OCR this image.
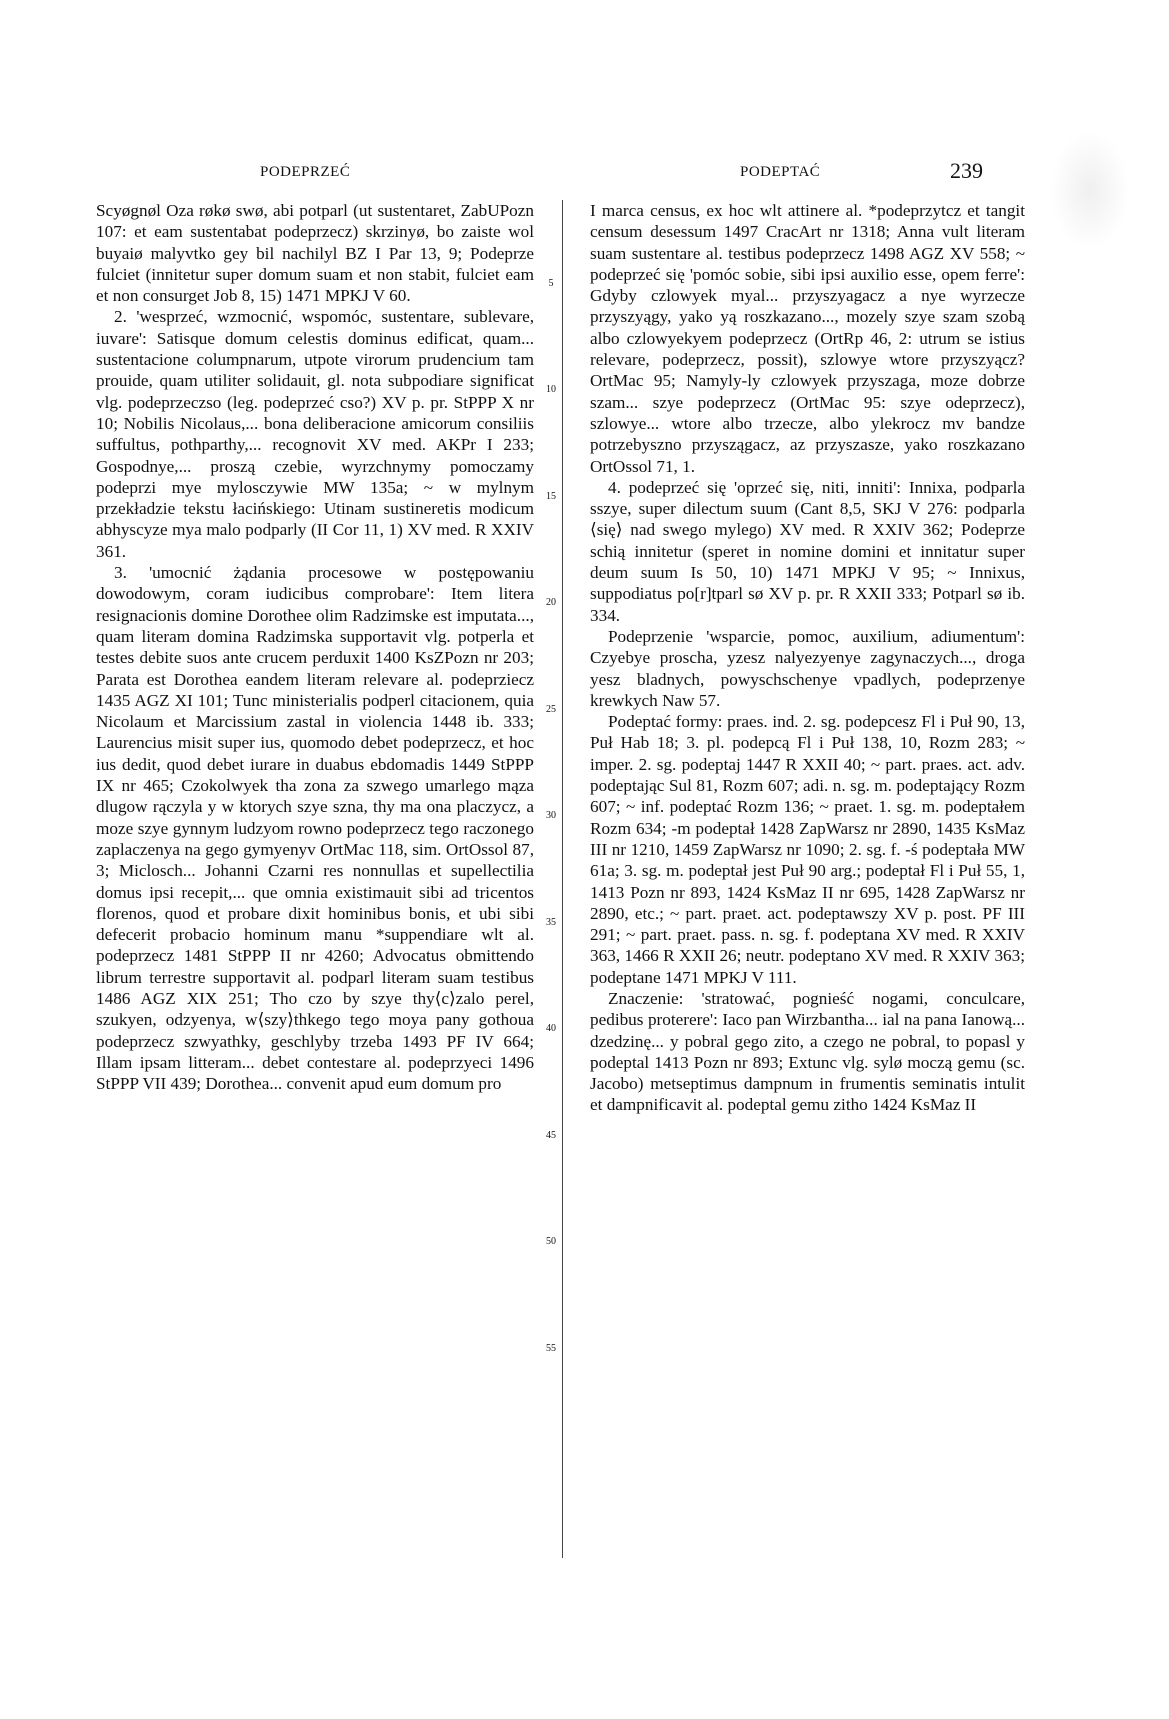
PODEPRZEĆ	PODEPTAĆ	239

Scyøgnøl Oza røkø swø, abi potparl (ut sustentaret, ZabUPozn 107: et eam sustentabat podeprzecz) skrzinyø, bo zaiste wol buyaiø malyvtko gey bil nachilyl BZ I Par 13, 9; Podeprze fulciet (innitetur super domum suam et non stabit, fulciet eam et non consurget Job 8, 15) 1471 MPKJ V 60.

2. 'wesprzeć, wzmocnić, wspomóc, sustentare, sublevare, iuvare': Satisque domum celestis dominus edificat, quam... sustentacione columpnarum, utpote virorum prudencium tam prouide, quam utiliter solidauit, gl. nota subpodiare significat vlg. podeprzeczso (leg. podeprzeć cso?) XV p. pr. StPPP X nr 10; Nobilis Nicolaus,... bona deliberacione amicorum consiliis suffultus, pothparthy,... recognovit XV med. AKPr I 233; Gospodnye,... proszą czebie, wyrzchnymy pomoczamy podeprzi mye mylosczywie MW 135a; ~ w mylnym przekładzie tekstu łacińskiego: Utinam sustineretis modicum abhyscyze mya malo podparly (II Cor 11, 1) XV med. R XXIV 361.

3. 'umocnić żądania procesowe w postępowaniu dowodowym, coram iudicibus comprobare': Item litera resignacionis domine Dorothee olim Radzimske est imputata..., quam literam domina Radzimska supportavit vlg. potperla et testes debite suos ante crucem perduxit 1400 KsZPozn nr 203; Parata est Dorothea eandem literam relevare al. podeprziecz 1435 AGZ XI 101; Tunc ministerialis podperl citacionem, quia Nicolaum et Marcissium zastal in violencia 1448 ib. 333; Laurencius misit super ius, quomodo debet podeprzecz, et hoc ius dedit, quod debet iurare in duabus ebdomadis 1449 StPPP IX nr 465; Czokolwyek tha zona za szwego umarlego mąza dlugow rączyla y w ktorych szye szna, thy ma ona placzycz, a moze szye gynnym ludzyom rowno podeprzecz tego raczonego zaplaczenya na gego gymyenyv OrtMac 118, sim. OrtOssol 87, 3; Miclosch... Johanni Czarni res nonnullas et supellectilia domus ipsi recepit,... que omnia existimauit sibi ad tricentos florenos, quod et probare dixit hominibus bonis, et ubi sibi defecerit probacio hominum manu *suppendiare wlt al. podeprzecz 1481 StPPP II nr 4260; Advocatus obmittendo librum terrestre supportavit al. podparl literam suam testibus 1486 AGZ XIX 251; Tho czo by szye thy⟨c⟩zalo perel, szukyen, odzyenya, w⟨szy⟩thkego tego moya pany gothoua podeprzecz szwyathky, geschlyby trzeba 1493 PF IV 664; Illam ipsam litteram... debet contestare al. podeprzyeci 1496 StPPP VII 439; Dorothea... convenit apud eum domum pro

5
10
15
20
25
30
35
40
45
50
55

I marca census, ex hoc wlt attinere al. *podeprzytcz et tangit censum desessum 1497 CracArt nr 1318; Anna vult literam suam sustentare al. testibus podeprzecz 1498 AGZ XV 558; ~ podeprzeć się 'pomóc sobie, sibi ipsi auxilio esse, opem ferre': Gdyby czlowyek myal... przyszyagacz a nye wyrzecze przyszyągy, yako yą roszkazano..., mozely szye szam szobą albo czlowyekyem podeprzecz (OrtRp 46, 2: utrum se istius relevare, podeprzecz, possit), szlowye wtore przyszyącz? OrtMac 95; Namyly-ly czlowyek przyszaga, moze dobrze szam... szye podeprzecz (OrtMac 95: szye odeprzecz), szlowye... wtore albo trzecze, albo ylekrocz mv bandze potrzebyszno przyszągacz, az przyszasze, yako roszkazano OrtOssol 71, 1.

4. podeprzeć się 'oprzeć się, niti, inniti': Innixa, podparla sszye, super dilectum suum (Cant 8,5, SKJ V 276: podparla ⟨się⟩ nad swego mylego) XV med. R XXIV 362; Podeprze schią innitetur (speret in nomine domini et innitatur super deum suum Is 50, 10) 1471 MPKJ V 95; ~ Innixus, suppodiatus po[r]tparl sø XV p. pr. R XXII 333; Potparl sø ib. 334.

Podeprzenie 'wsparcie, pomoc, auxilium, adiumentum': Czyebye proscha, yzesz nalyezyenye zagynaczych..., droga yesz bladnych, powyschschenye vpadlych, podeprzenye krewkych Naw 57.

Podeptać formy: praes. ind. 2. sg. podepcesz Fl i Puł 90, 13, Puł Hab 18; 3. pl. podepcą Fl i Puł 138, 10, Rozm 283; ~ imper. 2. sg. podeptaj 1447 R XXII 40; ~ part. praes. act. adv. podeptając Sul 81, Rozm 607; adi. n. sg. m. podeptający Rozm 607; ~ inf. podeptać Rozm 136; ~ praet. 1. sg. m. podeptałem Rozm 634; -m podeptał 1428 ZapWarsz nr 2890, 1435 KsMaz III nr 1210, 1459 ZapWarsz nr 1090; 2. sg. f. -ś podeptała MW 61a; 3. sg. m. podeptał jest Puł 90 arg.; podeptał Fl i Puł 55, 1, 1413 Pozn nr 893, 1424 KsMaz II nr 695, 1428 ZapWarsz nr 2890, etc.; ~ part. praet. act. podeptawszy XV p. post. PF III 291; ~ part. praet. pass. n. sg. f. podeptana XV med. R XXIV 363, 1466 R XXII 26; neutr. podeptano XV med. R XXIV 363; podeptane 1471 MPKJ V 111.

Znaczenie: 'stratować, pognieść nogami, conculcare, pedibus proterere': Iaco pan Wirzbantha... ial na pana Ianową... dzedzinę... y pobral gego zito, a czego ne pobral, to popasl y podeptal 1413 Pozn nr 893; Extunc vlg. sylø moczą gemu (sc. Jacobo) metseptimus dampnum in frumentis seminatis intulit et dampnificavit al. podeptal gemu zitho 1424 KsMaz II
